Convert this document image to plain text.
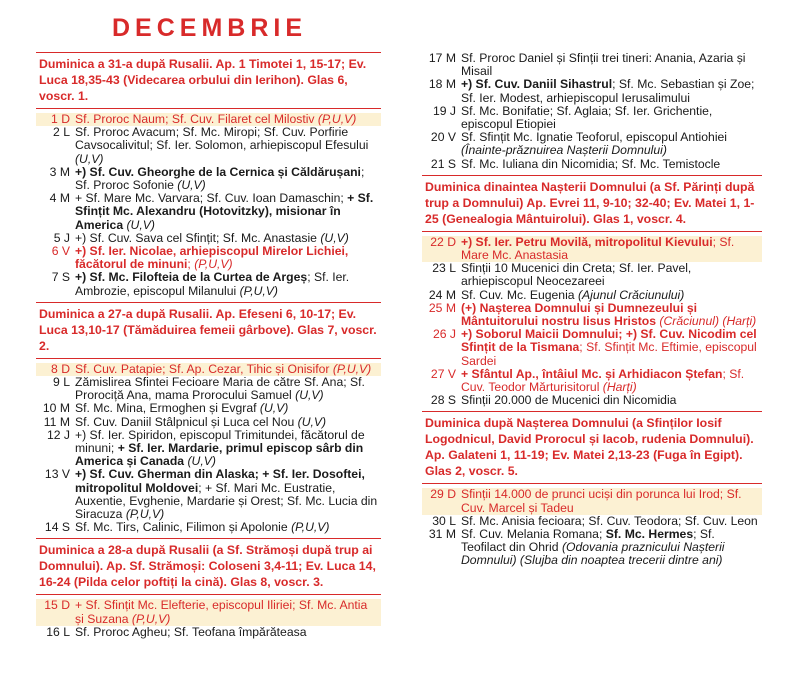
DECEMBRIE
Duminica a 31-a după Rusalii. Ap. 1 Timotei 1, 15-17; Ev. Luca 18,35-43 (Videcarea orbului din Ierihon). Glas 6, voscr. 1.
1 D Sf. Proroc Naum; Sf. Cuv. Filaret cel Milostiv (P,U,V)
2 L Sf. Proroc Avacum; Sf. Mc. Miropi; Sf. Cuv. Porfirie Cavsocalivitul; Sf. Ier. Solomon, arhiepiscopul Efesului (U,V)
3 M +) Sf. Cuv. Gheorghe de la Cernica și Căldărușani; Sf. Proroc Sofonie (U,V)
4 M + Sf. Mare Mc. Varvara; Sf. Cuv. Ioan Damaschin; + Sf. Sfințit Mc. Alexandru (Hotovitzky), misionar în America (U,V)
5 J +) Sf. Cuv. Sava cel Sfințit; Sf. Mc. Anastasie (U,V)
6 V +) Sf. Ier. Nicolae, arhiepiscopul Mirelor Lichiei, făcătorul de minuni; (P,U,V)
7 S +) Sf. Mc. Filofteia de la Curtea de Argeș; Sf. Ier. Ambrozie, episcopul Milanului (P,U,V)
Duminica a 27-a după Rusalii. Ap. Efeseni 6, 10-17; Ev. Luca 13,10-17 (Tămăduirea femeii gârbove). Glas 7, voscr. 2.
8 D Sf. Cuv. Patapie; Sf. Ap. Cezar, Tihic și Onisifor (P,U,V)
9 L Zămislirea Sfintei Fecioare Maria de către Sf. Ana; Sf. Prorociță Ana, mama Prorocului Samuel (U,V)
10 M Sf. Mc. Mina, Ermoghen și Evgraf (U,V)
11 M Sf. Cuv. Daniil Stâlpnicul și Luca cel Nou (U,V)
12 J +) Sf. Ier. Spiridon, episcopul Trimitundei, făcătorul de minuni; + Sf. Ier. Mardarie, primul episcop sârb din America și Canada (U,V)
13 V +) Sf. Cuv. Gherman din Alaska; + Sf. Ier. Dosoftei, mitropolitul Moldovei; + Sf. Mari Mc. Eustratie, Auxentie, Evghenie, Mardarie și Orest; Sf. Mc. Lucia din Siracuza (P,U,V)
14 S Sf. Mc. Tirs, Calinic, Filimon și Apolonie (P,U,V)
Duminica a 28-a după Rusalii (a Sf. Strămoși după trup ai Domnului). Ap. Sf. Strămoși: Coloseni 3,4-11; Ev. Luca 14, 16-24 (Pilda celor poftiți la cină). Glas 8, voscr. 3.
15 D + Sf. Sfințit Mc. Elefterie, episcopul Iliriei; Sf. Mc. Antia și Suzana (P,U,V)
16 L Sf. Proroc Agheu; Sf. Teofana împărăteasa
17 M Sf. Proroc Daniel și Sfinții trei tineri: Anania, Azaria și Misail
18 M +) Sf. Cuv. Daniil Sihastrul; Sf. Mc. Sebastian și Zoe; Sf. Ier. Modest, arhiepiscopul Ierusalimului
19 J Sf. Mc. Bonifatie; Sf. Aglaia; Sf. Ier. Grichentie, episcopul Etiopiei
20 V Sf. Sfințit Mc. Ignatie Teoforul, episcopul Antiohiei (Înainte-prăznuirea Nașterii Domnului)
21 S Sf. Mc. Iuliana din Nicomidia; Sf. Mc. Temistocle
Duminica dinaintea Nașterii Domnului (a Sf. Părinți după trup a Domnului) Ap. Evrei 11, 9-10; 32-40; Ev. Matei 1, 1-25 (Genealogia Mântuirolui). Glas 1, voscr. 4.
22 D +) Sf. Ier. Petru Movilă, mitropolitul Kievului; Sf. Mare Mc. Anastasia
23 L Sfinții 10 Mucenici din Creta; Sf. Ier. Pavel, arhiepiscopul Neocezareei
24 M Sf. Cuv. Mc. Eugenia (Ajunul Crăciunului)
25 M (+) Nașterea Domnului și Dumnezeului și Mântuitorului nostru Iisus Hristos (Crăciunul) (Harți)
26 J +) Soborul Maicii Domnului; +) Sf. Cuv. Nicodim cel Sfințit de la Tismana; Sf. Sfințit Mc. Eftimie, episcopul Sardei
27 V + Sfântul Ap., întâiul Mc. și Arhidiacon Ștefan; Sf. Cuv. Teodor Mărturisitorul (Harți)
28 S Sfinții 20.000 de Mucenici din Nicomidia
Duminica după Nașterea Domnului (a Sfinților Iosif Logodnicul, David Prorocul și Iacob, rudenia Domnului). Ap. Galateni 1, 11-19; Ev. Matei 2,13-23 (Fuga în Egipt). Glas 2, voscr. 5.
29 D Sfinții 14.000 de prunci uciși din porunca lui Irod; Sf. Cuv. Marcel și Tadeu
30 L Sf. Mc. Anisia fecioara; Sf. Cuv. Teodora; Sf. Cuv. Leon
31 M Sf. Cuv. Melania Romana; Sf. Mc. Hermes; Sf. Teofilact din Ohrid (Odovania praznicului Nașterii Domnului) (Slujba din noaptea trecerii dintre ani)
